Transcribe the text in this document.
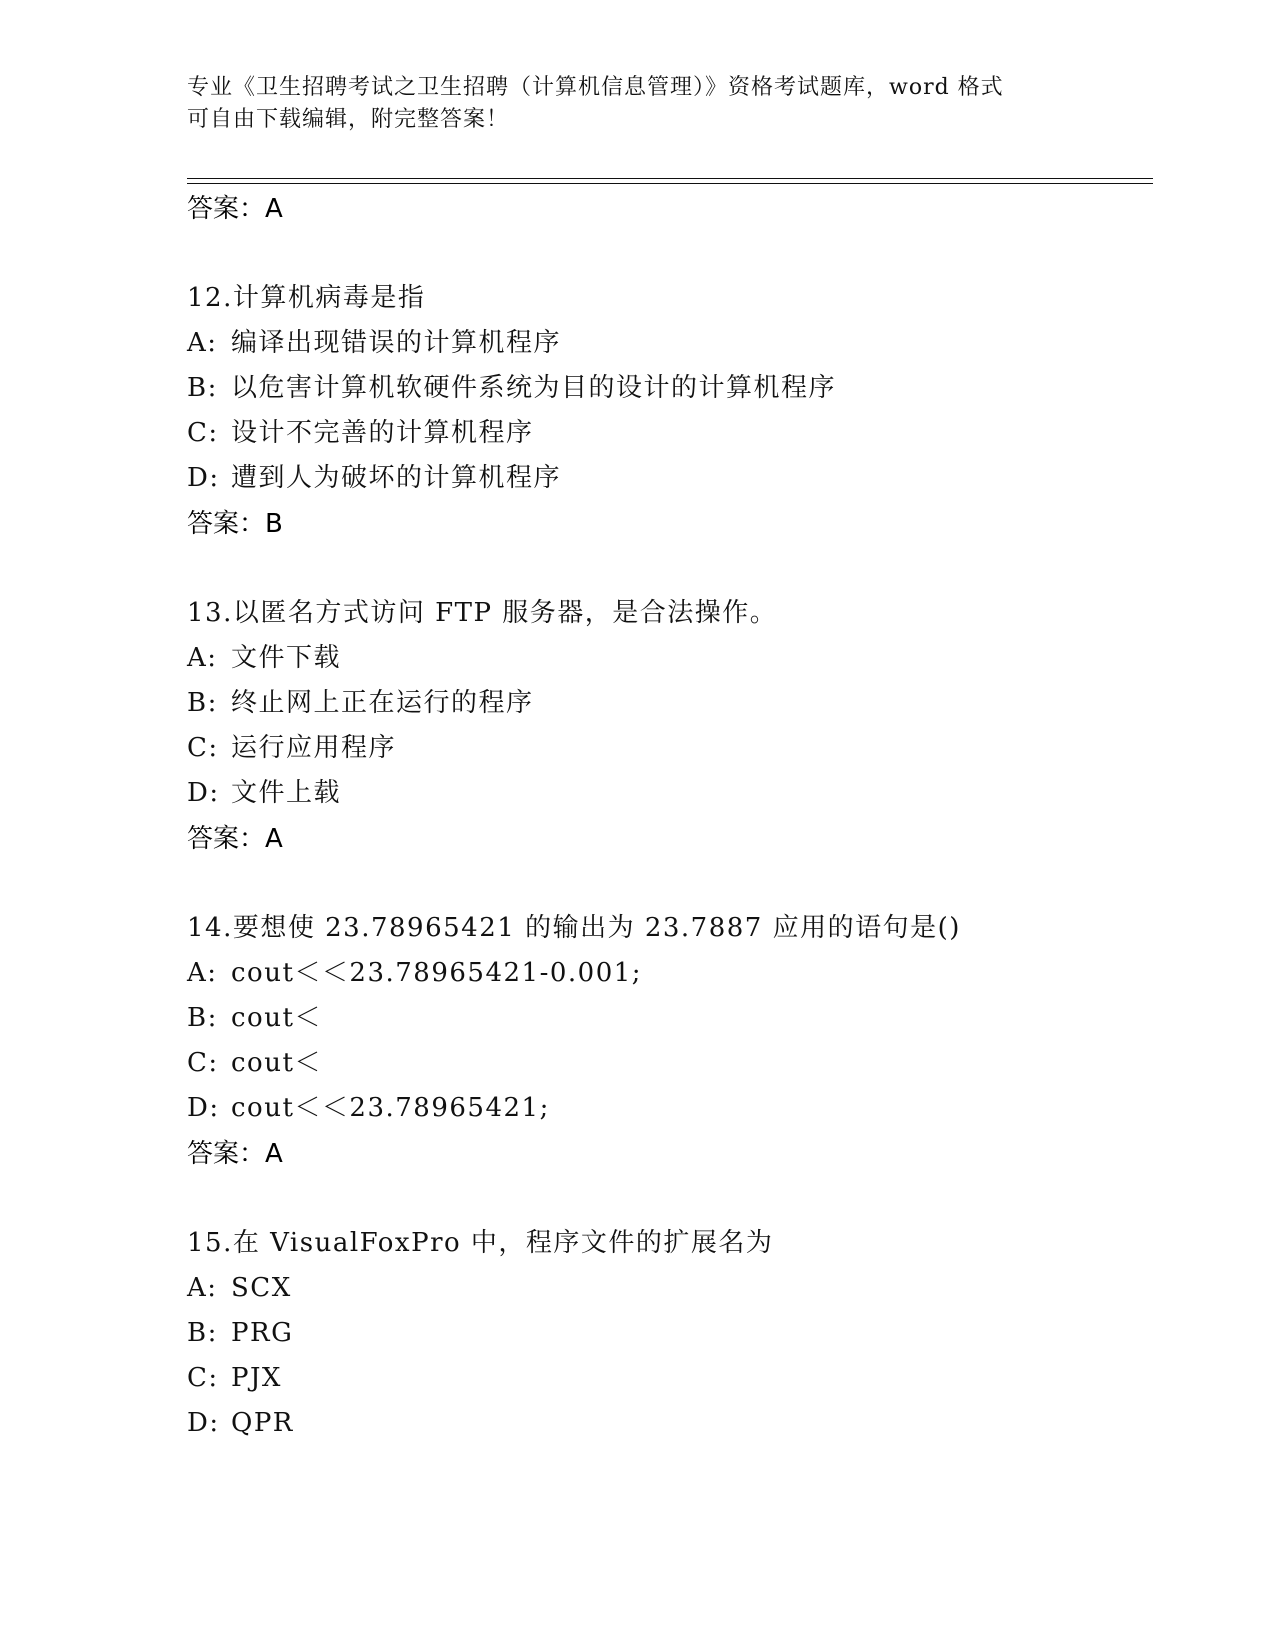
专业《卫生招聘考试之卫生招聘（计算机信息管理）》资格考试题库，word 格式
可自由下载编辑，附完整答案！
答案：A
12.计算机病毒是指
A: 编译出现错误的计算机程序
B: 以危害计算机软硬件系统为目的设计的计算机程序
C: 设计不完善的计算机程序
D: 遭到人为破坏的计算机程序
答案：B
13.以匿名方式访问 FTP 服务器，是合法操作。
A: 文件下载
B: 终止网上正在运行的程序
C: 运行应用程序
D: 文件上载
答案：A
14.要想使 23.78965421 的输出为 23.7887 应用的语句是()
A: cout＜＜23.78965421-0.001;
B: cout＜
C: cout＜
D: cout＜＜23.78965421;
答案：A
15.在 VisualFoxPro 中，程序文件的扩展名为
A: SCX
B: PRG
C: PJX
D: QPR
